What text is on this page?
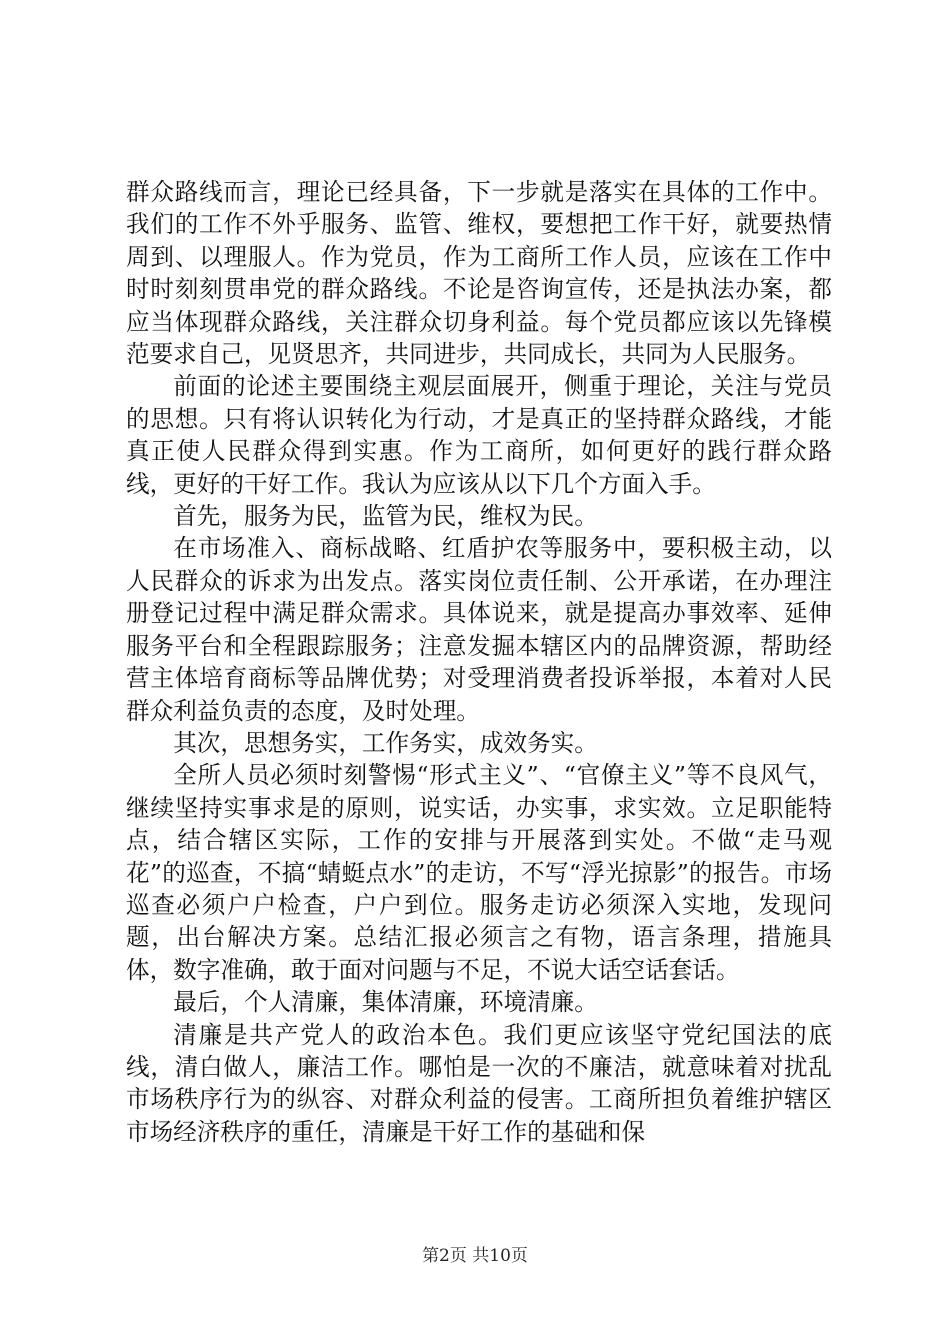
群众路线而言，理论已经具备，下一步就是落实在具体的工作中。我们的工作不外乎服务、监管、维权，要想把工作干好，就要热情周到、以理服人。作为党员，作为工商所工作人员，应该在工作中时时刻刻贯串党的群众路线。不论是咨询宣传，还是执法办案，都应当体现群众路线，关注群众切身利益。每个党员都应该以先锋模范要求自己，见贤思齐，共同进步，共同成长，共同为人民服务。

前面的论述主要围绕主观层面展开，侧重于理论，关注与党员的思想。只有将认识转化为行动，才是真正的坚持群众路线，才能真正使人民群众得到实惠。作为工商所，如何更好的践行群众路线，更好的干好工作。我认为应该从以下几个方面入手。

首先，服务为民，监管为民，维权为民。

在市场准入、商标战略、红盾护农等服务中，要积极主动，以人民群众的诉求为出发点。落实岗位责任制、公开承诺，在办理注册登记过程中满足群众需求。具体说来，就是提高办事效率、延伸服务平台和全程跟踪服务；注意发掘本辖区内的品牌资源，帮助经营主体培育商标等品牌优势；对受理消费者投诉举报，本着对人民群众利益负责的态度，及时处理。

其次，思想务实，工作务实，成效务实。

全所人员必须时刻警惕“形式主义”、“官僚主义”等不良风气，继续坚持实事求是的原则，说实话，办实事，求实效。立足职能特点，结合辖区实际，工作的安排与开展落到实处。不做“走马观花”的巡查，不搞“蜻蜓点水”的走访，不写“浮光掠影”的报告。市场巡查必须户户检查，户户到位。服务走访必须深入实地，发现问题，出台解决方案。总结汇报必须言之有物，语言条理，措施具体，数字准确，敢于面对问题与不足，不说大话空话套话。

最后，个人清廉，集体清廉，环境清廉。

清廉是共产党人的政治本色。我们更应该坚守党纪国法的底线，清白做人，廉洁工作。哪怕是一次的不廉洁，就意味着对扰乱市场秩序行为的纵容、对群众利益的侵害。工商所担负着维护辖区市场经济秩序的重任，清廉是干好工作的基础和保

第2页 共10页
